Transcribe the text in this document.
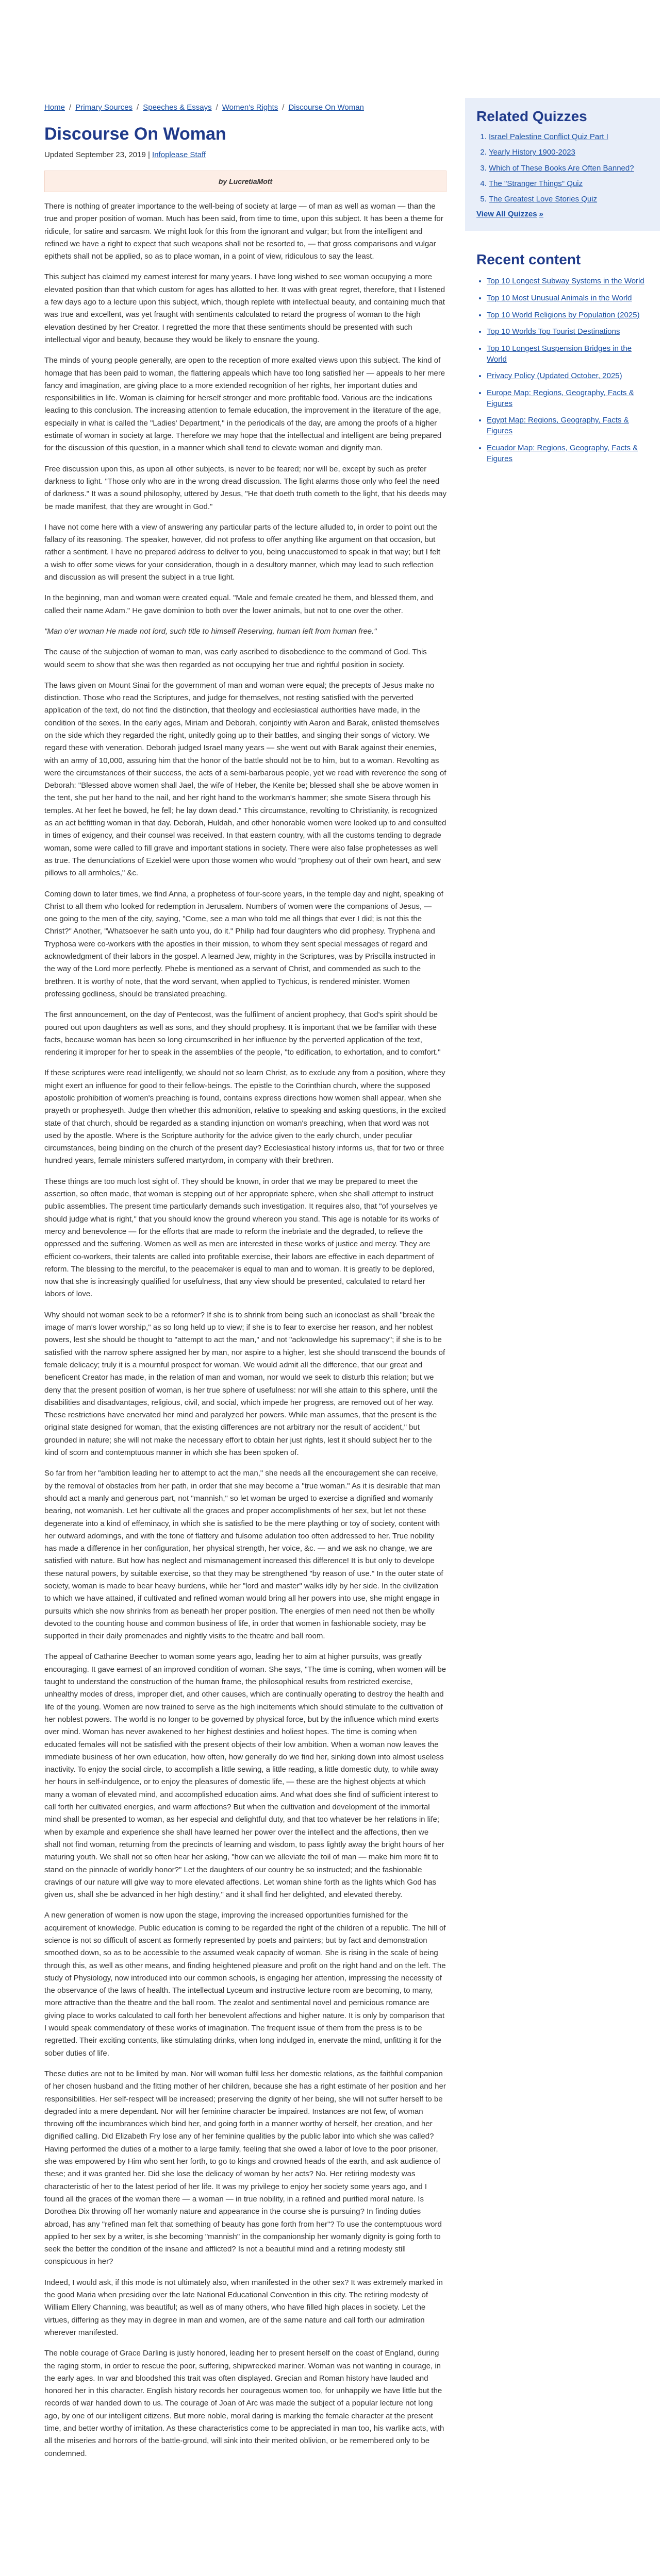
Home / Primary Sources / Speeches & Essays / Women's Rights / Discourse On Woman
Discourse On Woman
Updated September 23, 2019 | Infoplease Staff
by LucretiaMott

There is nothing of greater importance to the well-being of society at large — of man as well as woman — than the true and proper position of woman. Much has been said, from time to time, upon this subject. It has been a theme for ridicule, for satire and sarcasm. We might look for this from the ignorant and vulgar; but from the intelligent and refined we have a right to expect that such weapons shall not be resorted to, — that gross comparisons and vulgar epithets shall not be applied, so as to place woman, in a point of view, ridiculous to say the least.

This subject has claimed my earnest interest for many years. I have long wished to see woman occupying a more elevated position than that which custom for ages has allotted to her. It was with great regret, therefore, that I listened a few days ago to a lecture upon this subject, which, though replete with intellectual beauty, and containing much that was true and excellent, was yet fraught with sentiments calculated to retard the progress of woman to the high elevation destined by her Creator. I regretted the more that these sentiments should be presented with such intellectual vigor and beauty, because they would be likely to ensnare the young.

The minds of young people generally, are open to the reception of more exalted views upon this subject. The kind of homage that has been paid to woman, the flattering appeals which have too long satisfied her — appeals to her mere fancy and imagination, are giving place to a more extended recognition of her rights, her important duties and responsibilities in life. Woman is claiming for herself stronger and more profitable food. Various are the indications leading to this conclusion. The increasing attention to female education, the improvement in the literature of the age, especially in what is called the "Ladies' Department," in the periodicals of the day, are among the proofs of a higher estimate of woman in society at large. Therefore we may hope that the intellectual and intelligent are being prepared for the discussion of this question, in a manner which shall tend to elevate woman and dignify man.

Free discussion upon this, as upon all other subjects, is never to be feared; nor will be, except by such as prefer darkness to light. "Those only who are in the wrong dread discussion. The light alarms those only who feel the need of darkness." It was a sound philosophy, uttered by Jesus, "He that doeth truth cometh to the light, that his deeds may be made manifest, that they are wrought in God."

I have not come here with a view of answering any particular parts of the lecture alluded to, in order to point out the fallacy of its reasoning. The speaker, however, did not profess to offer anything like argument on that occasion, but rather a sentiment. I have no prepared address to deliver to you, being unaccustomed to speak in that way; but I felt a wish to offer some views for your consideration, though in a desultory manner, which may lead to such reflection and discussion as will present the subject in a true light.

In the beginning, man and woman were created equal. "Male and female created he them, and blessed them, and called their name Adam." He gave dominion to both over the lower animals, but not to one over the other.

"Man o'er woman He made not lord, such title to himself Reserving, human left from human free."

The cause of the subjection of woman to man, was early ascribed to disobedience to the command of God. This would seem to show that she was then regarded as not occupying her true and rightful position in society.

The laws given on Mount Sinai for the government of man and woman were equal; the precepts of Jesus make no distinction. Those who read the Scriptures, and judge for themselves, not resting satisfied with the perverted application of the text, do not find the distinction, that theology and ecclesiastical authorities have made, in the condition of the sexes. In the early ages, Miriam and Deborah, conjointly with Aaron and Barak, enlisted themselves on the side which they regarded the right, unitedly going up to their battles, and singing their songs of victory. We regard these with veneration. Deborah judged Israel many years — she went out with Barak against their enemies, with an army of 10,000, assuring him that the honor of the battle should not be to him, but to a woman. Revolting as were the circumstances of their success, the acts of a semi-barbarous people, yet we read with reverence the song of Deborah: "Blessed above women shall Jael, the wife of Heber, the Kenite be; blessed shall she be above women in the tent, she put her hand to the nail, and her right hand to the workman's hammer; she smote Sisera through his temples. At her feet he bowed, he fell; he lay down dead." This circumstance, revolting to Christianity, is recognized as an act befitting woman in that day. Deborah, Huldah, and other honorable women were looked up to and consulted in times of exigency, and their counsel was received. In that eastern country, with all the customs tending to degrade woman, some were called to fill grave and important stations in society. There were also false prophetesses as well as true. The denunciations of Ezekiel were upon those women who would "prophesy out of their own heart, and sew pillows to all armholes," &c.

Coming down to later times, we find Anna, a prophetess of four-score years, in the temple day and night, speaking of Christ to all them who looked for redemption in Jerusalem. Numbers of women were the companions of Jesus, — one going to the men of the city, saying, "Come, see a man who told me all things that ever I did; is not this the Christ?" Another, "Whatsoever he saith unto you, do it." Philip had four daughters who did prophesy. Tryphena and Tryphosa were co-workers with the apostles in their mission, to whom they sent special messages of regard and acknowledgment of their labors in the gospel. A learned Jew, mighty in the Scriptures, was by Priscilla instructed in the way of the Lord more perfectly. Phebe is mentioned as a servant of Christ, and commended as such to the brethren. It is worthy of note, that the word servant, when applied to Tychicus, is rendered minister. Women professing godliness, should be translated preaching.

The first announcement, on the day of Pentecost, was the fulfilment of ancient prophecy, that God's spirit should be poured out upon daughters as well as sons, and they should prophesy. It is important that we be familiar with these facts, because woman has been so long circumscribed in her influence by the perverted application of the text, rendering it improper for her to speak in the assemblies of the people, "to edification, to exhortation, and to comfort."

If these scriptures were read intelligently, we should not so learn Christ, as to exclude any from a position, where they might exert an influence for good to their fellow-beings. The epistle to the Corinthian church, where the supposed apostolic prohibition of women's preaching is found, contains express directions how women shall appear, when she prayeth or prophesyeth. Judge then whether this admonition, relative to speaking and asking questions, in the excited state of that church, should be regarded as a standing injunction on woman's preaching, when that word was not used by the apostle. Where is the Scripture authority for the advice given to the early church, under peculiar circumstances, being binding on the church of the present day? Ecclesiastical history informs us, that for two or three hundred years, female ministers suffered martyrdom, in company with their brethren.

These things are too much lost sight of. They should be known, in order that we may be prepared to meet the assertion, so often made, that woman is stepping out of her appropriate sphere, when she shall attempt to instruct public assemblies. The present time particularly demands such investigation. It requires also, that "of yourselves ye should judge what is right," that you should know the ground whereon you stand. This age is notable for its works of mercy and benevolence — for the efforts that are made to reform the inebriate and the degraded, to relieve the oppressed and the suffering. Women as well as men are interested in these works of justice and mercy. They are efficient co-workers, their talents are called into profitable exercise, their labors are effective in each department of reform. The blessing to the merciful, to the peacemaker is equal to man and to woman. It is greatly to be deplored, now that she is increasingly qualified for usefulness, that any view should be presented, calculated to retard her labors of love.

Why should not woman seek to be a reformer? If she is to shrink from being such an iconoclast as shall "break the image of man's lower worship," as so long held up to view; if she is to fear to exercise her reason, and her noblest powers, lest she should be thought to "attempt to act the man," and not "acknowledge his supremacy"; if she is to be satisfied with the narrow sphere assigned her by man, nor aspire to a higher, lest she should transcend the bounds of female delicacy; truly it is a mournful prospect for woman. We would admit all the difference, that our great and beneficent Creator has made, in the relation of man and woman, nor would we seek to disturb this relation; but we deny that the present position of woman, is her true sphere of usefulness: nor will she attain to this sphere, until the disabilities and disadvantages, religious, civil, and social, which impede her progress, are removed out of her way. These restrictions have enervated her mind and paralyzed her powers. While man assumes, that the present is the original state designed for woman, that the existing differences are not arbitrary nor the result of accident," but grounded in nature; she will not make the necessary effort to obtain her just rights, lest it should subject her to the kind of scorn and contemptuous manner in which she has been spoken of.

So far from her "ambition leading her to attempt to act the man," she needs all the encouragement she can receive, by the removal of obstacles from her path, in order that she may become a "true woman." As it is desirable that man should act a manly and generous part, not "mannish," so let woman be urged to exercise a dignified and womanly bearing, not womanish. Let her cultivate all the graces and proper accomplishments of her sex, but let not these degenerate into a kind of effeminacy, in which she is satisfied to be the mere plaything or toy of society, content with her outward adornings, and with the tone of flattery and fulsome adulation too often addressed to her. True nobility has made a difference in her configuration, her physical strength, her voice, &c. — and we ask no change, we are satisfied with nature. But how has neglect and mismanagement increased this difference! It is but only to develope these natural powers, by suitable exercise, so that they may be strengthened "by reason of use." In the outer state of society, woman is made to bear heavy burdens, while her "lord and master" walks idly by her side. In the civilization to which we have attained, if cultivated and refined woman would bring all her powers into use, she might engage in pursuits which she now shrinks from as beneath her proper position. The energies of men need not then be wholly devoted to the counting house and common business of life, in order that women in fashionable society, may be supported in their daily promenades and nightly visits to the theatre and ball room.

The appeal of Catharine Beecher to woman some years ago, leading her to aim at higher pursuits, was greatly encouraging. It gave earnest of an improved condition of woman. She says, "The time is coming, when women will be taught to understand the construction of the human frame, the philosophical results from restricted exercise, unhealthy modes of dress, improper diet, and other causes, which are continually operating to destroy the health and life of the young. Women are now trained to serve as the high incitements which should stimulate to the cultivation of her noblest powers. The world is no longer to be governed by physical force, but by the influence which mind exerts over mind. Woman has never awakened to her highest destinies and holiest hopes. The time is coming when educated females will not be satisfied with the present objects of their low ambition. When a woman now leaves the immediate business of her own education, how often, how generally do we find her, sinking down into almost useless inactivity. To enjoy the social circle, to accomplish a little sewing, a little reading, a little domestic duty, to while away her hours in self-indulgence, or to enjoy the pleasures of domestic life, — these are the highest objects at which many a woman of elevated mind, and accomplished education aims. And what does she find of sufficient interest to call forth her cultivated energies, and warm affections? But when the cultivation and development of the immortal mind shall be presented to woman, as her especial and delightful duty, and that too whatever be her relations in life; when by example and experience she shall have learned her power over the intellect and the affections, then we shall not find woman, returning from the precincts of learning and wisdom, to pass lightly away the bright hours of her maturing youth. We shall not so often hear her asking, "how can we alleviate the toil of man — make him more fit to stand on the pinnacle of worldly honor?" Let the daughters of our country be so instructed; and the fashionable cravings of our nature will give way to more elevated affections. Let woman shine forth as the lights which God has given us, shall she be advanced in her high destiny," and it shall find her delighted, and elevated thereby.

A new generation of women is now upon the stage, improving the increased opportunities furnished for the acquirement of knowledge. Public education is coming to be regarded the right of the children of a republic. The hill of science is not so difficult of ascent as formerly represented by poets and painters; but by fact and demonstration smoothed down, so as to be accessible to the assumed weak capacity of woman. She is rising in the scale of being through this, as well as other means, and finding heightened pleasure and profit on the right hand and on the left. The study of Physiology, now introduced into our common schools, is engaging her attention, impressing the necessity of the observance of the laws of health. The intellectual Lyceum and instructive lecture room are becoming, to many, more attractive than the theatre and the ball room. The zealot and sentimental novel and pernicious romance are giving place to works calculated to call forth her benevolent affections and higher nature. It is only by comparison that I would speak commendatory of these works of imagination. The frequent issue of them from the press is to be regretted. Their exciting contents, like stimulating drinks, when long indulged in, enervate the mind, unfitting it for the sober duties of life.

These duties are not to be limited by man. Nor will woman fulfil less her domestic relations, as the faithful companion of her chosen husband and the fitting mother of her children, because she has a right estimate of her position and her responsibilities. Her self-respect will be increased; preserving the dignity of her being, she will not suffer herself to be degraded into a mere dependant. Nor will her feminine character be impaired. Instances are not few, of woman throwing off the incumbrances which bind her, and going forth in a manner worthy of herself, her creation, and her dignified calling. Did Elizabeth Fry lose any of her feminine qualities by the public labor into which she was called? Having performed the duties of a mother to a large family, feeling that she owed a labor of love to the poor prisoner, she was empowered by Him who sent her forth, to go to kings and crowned heads of the earth, and ask audience of these; and it was granted her. Did she lose the delicacy of woman by her acts? No. Her retiring modesty was characteristic of her to the latest period of her life. It was my privilege to enjoy her society some years ago, and I found all the graces of the woman there — a woman — in true nobility, in a refined and purified moral nature. Is Dorothea Dix throwing off her womanly nature and appearance in the course she is pursuing? In finding duties abroad, has any "refined man felt that something of beauty has gone forth from her"? To use the contemptuous word applied to her sex by a writer, is she becoming "mannish" in the companionship her womanly dignity is going forth to seek the better the condition of the insane and afflicted? Is not a beautiful mind and a retiring modesty still conspicuous in her?

Indeed, I would ask, if this mode is not ultimately also, when manifested in the other sex? It was extremely marked in the good Maria when presiding over the late National Educational Convention in this city. The retiring modesty of William Ellery Channing, was beautiful; as well as of many others, who have filled high places in society. Let the virtues, differing as they may in degree in man and women, are of the same nature and call forth our admiration wherever manifested.

The noble courage of Grace Darling is justly honored, leading her to present herself on the coast of England, during the raging storm, in order to rescue the poor, suffering, shipwrecked mariner. Woman was not wanting in courage, in the early ages. In war and bloodshed this trait was often displayed. Grecian and Roman history have lauded and honored her in this character. English history records her courageous women too, for unhappily we have little but the records of war handed down to us. The courage of Joan of Arc was made the subject of a popular lecture not long ago, by one of our intelligent citizens. But more noble, moral daring is marking the female character at the present time, and better worthy of imitation. As these characteristics come to be appreciated in man too, his warlike acts, with all the miseries and horrors of the battle-ground, will sink into their merited oblivion, or be remembered only to be condemned.

Related Quizzes
1. Israel Palestine Conflict Quiz Part I
2. Yearly History 1900-2023
3. Which of These Books Are Often Banned?
4. The "Stranger Things" Quiz
5. The Greatest Love Stories Quiz
View All Quizzes »
Recent content
• Top 10 Longest Subway Systems in the World
• Top 10 Most Unusual Animals in the World
• Top 10 World Religions by Population (2025)
• Top 10 Worlds Top Tourist Destinations
• Top 10 Longest Suspension Bridges in the World
• Privacy Policy (Updated October, 2025)
• Europe Map: Regions, Geography, Facts & Figures
• Egypt Map: Regions, Geography, Facts & Figures
• Ecuador Map: Regions, Geography, Facts & Figures
